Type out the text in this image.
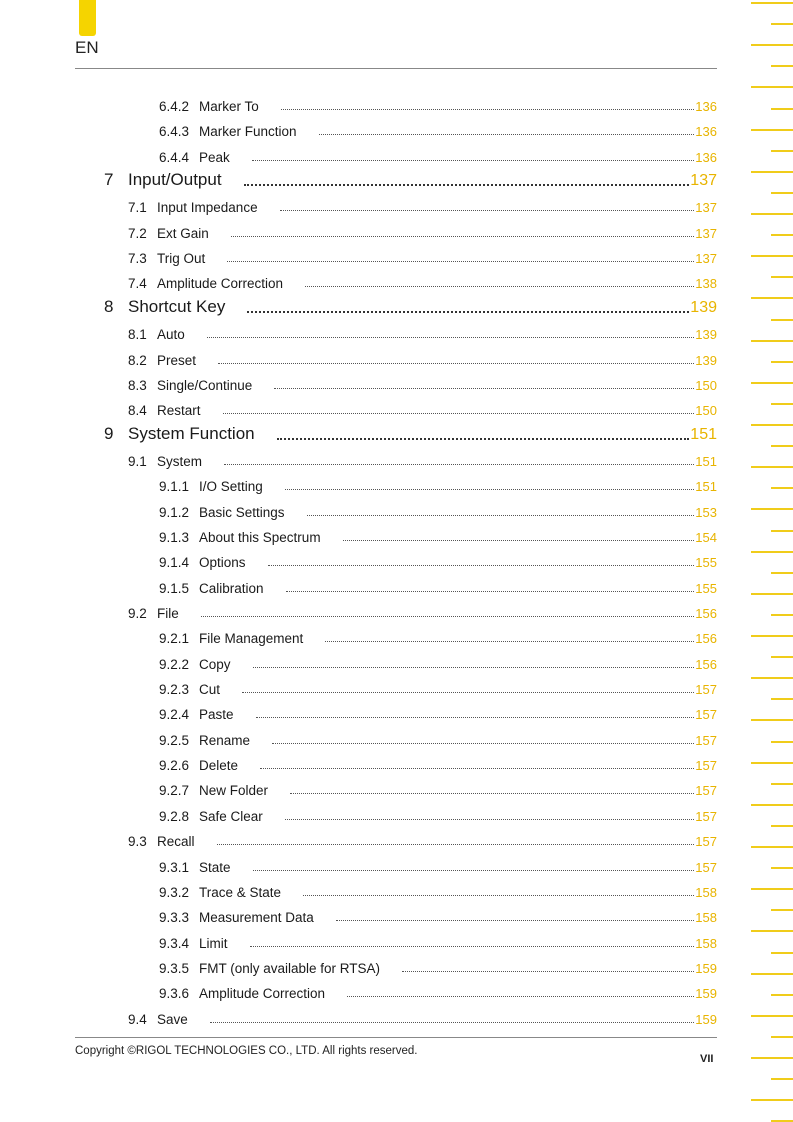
EN
6.4.2 Marker To	136
6.4.3 Marker Function	136
6.4.4 Peak	136
7 Input/Output	137
7.1 Input Impedance	137
7.2 Ext Gain	137
7.3 Trig Out	137
7.4 Amplitude Correction	138
8 Shortcut Key	139
8.1 Auto	139
8.2 Preset	139
8.3 Single/Continue	150
8.4 Restart	150
9 System Function	151
9.1 System	151
9.1.1 I/O Setting	151
9.1.2 Basic Settings	153
9.1.3 About this Spectrum	154
9.1.4 Options	155
9.1.5 Calibration	155
9.2 File	156
9.2.1 File Management	156
9.2.2 Copy	156
9.2.3 Cut	157
9.2.4 Paste	157
9.2.5 Rename	157
9.2.6 Delete	157
9.2.7 New Folder	157
9.2.8 Safe Clear	157
9.3 Recall	157
9.3.1 State	157
9.3.2 Trace & State	158
9.3.3 Measurement Data	158
9.3.4 Limit	158
9.3.5 FMT (only available for RTSA)	159
9.3.6 Amplitude Correction	159
9.4 Save	159
Copyright ©RIGOL TECHNOLOGIES CO., LTD. All rights reserved.
VII
